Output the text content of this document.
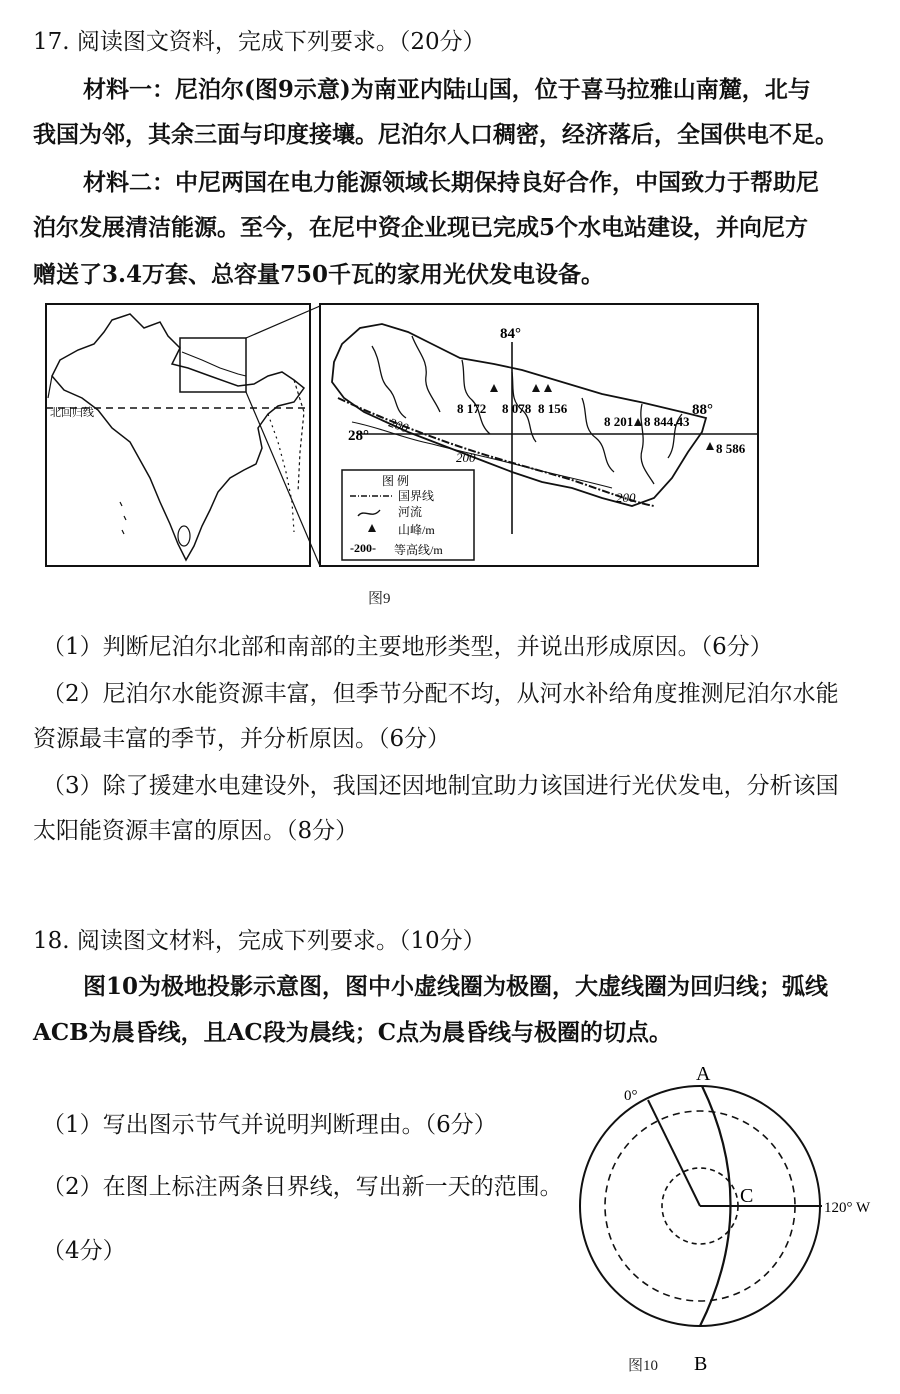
17. 阅读图文资料，完成下列要求。（20分）
材料一：尼泊尔(图9示意)为南亚内陆山国，位于喜马拉雅山南麓，北与
我国为邻，其余三面与印度接壤。尼泊尔人口稠密，经济落后，全国供电不足。
材料二：中尼两国在电力能源领域长期保持良好合作，中国致力于帮助尼
泊尔发展清洁能源。至今，在尼中资企业现已完成5个水电站建设，并向尼方
赠送了3.4万套、总容量750千瓦的家用光伏发电设备。
北回归线
200
200
200
84°
28°
88°
8 172 8 078 8 156
8 201 8 844.43
8 586
图 例
国界线
河流
山峰/m
-200- 等高线/m
图9
（1）判断尼泊尔北部和南部的主要地形类型，并说出形成原因。（6分）
（2）尼泊尔水能资源丰富，但季节分配不均，从河水补给角度推测尼泊尔水能
资源最丰富的季节，并分析原因。（6分）
（3）除了援建水电建设外，我国还因地制宜助力该国进行光伏发电，分析该国
太阳能资源丰富的原因。（8分）
18. 阅读图文材料，完成下列要求。（10分）
图10为极地投影示意图，图中小虚线圈为极圈，大虚线圈为回归线；弧线
ACB为晨昏线，且AC段为晨线；C点为晨昏线与极圈的切点。
（1）写出图示节气并说明判断理由。（6分）
（2）在图上标注两条日界线，写出新一天的范围。
（4分）
A
B
C
0°
120° W
图10
